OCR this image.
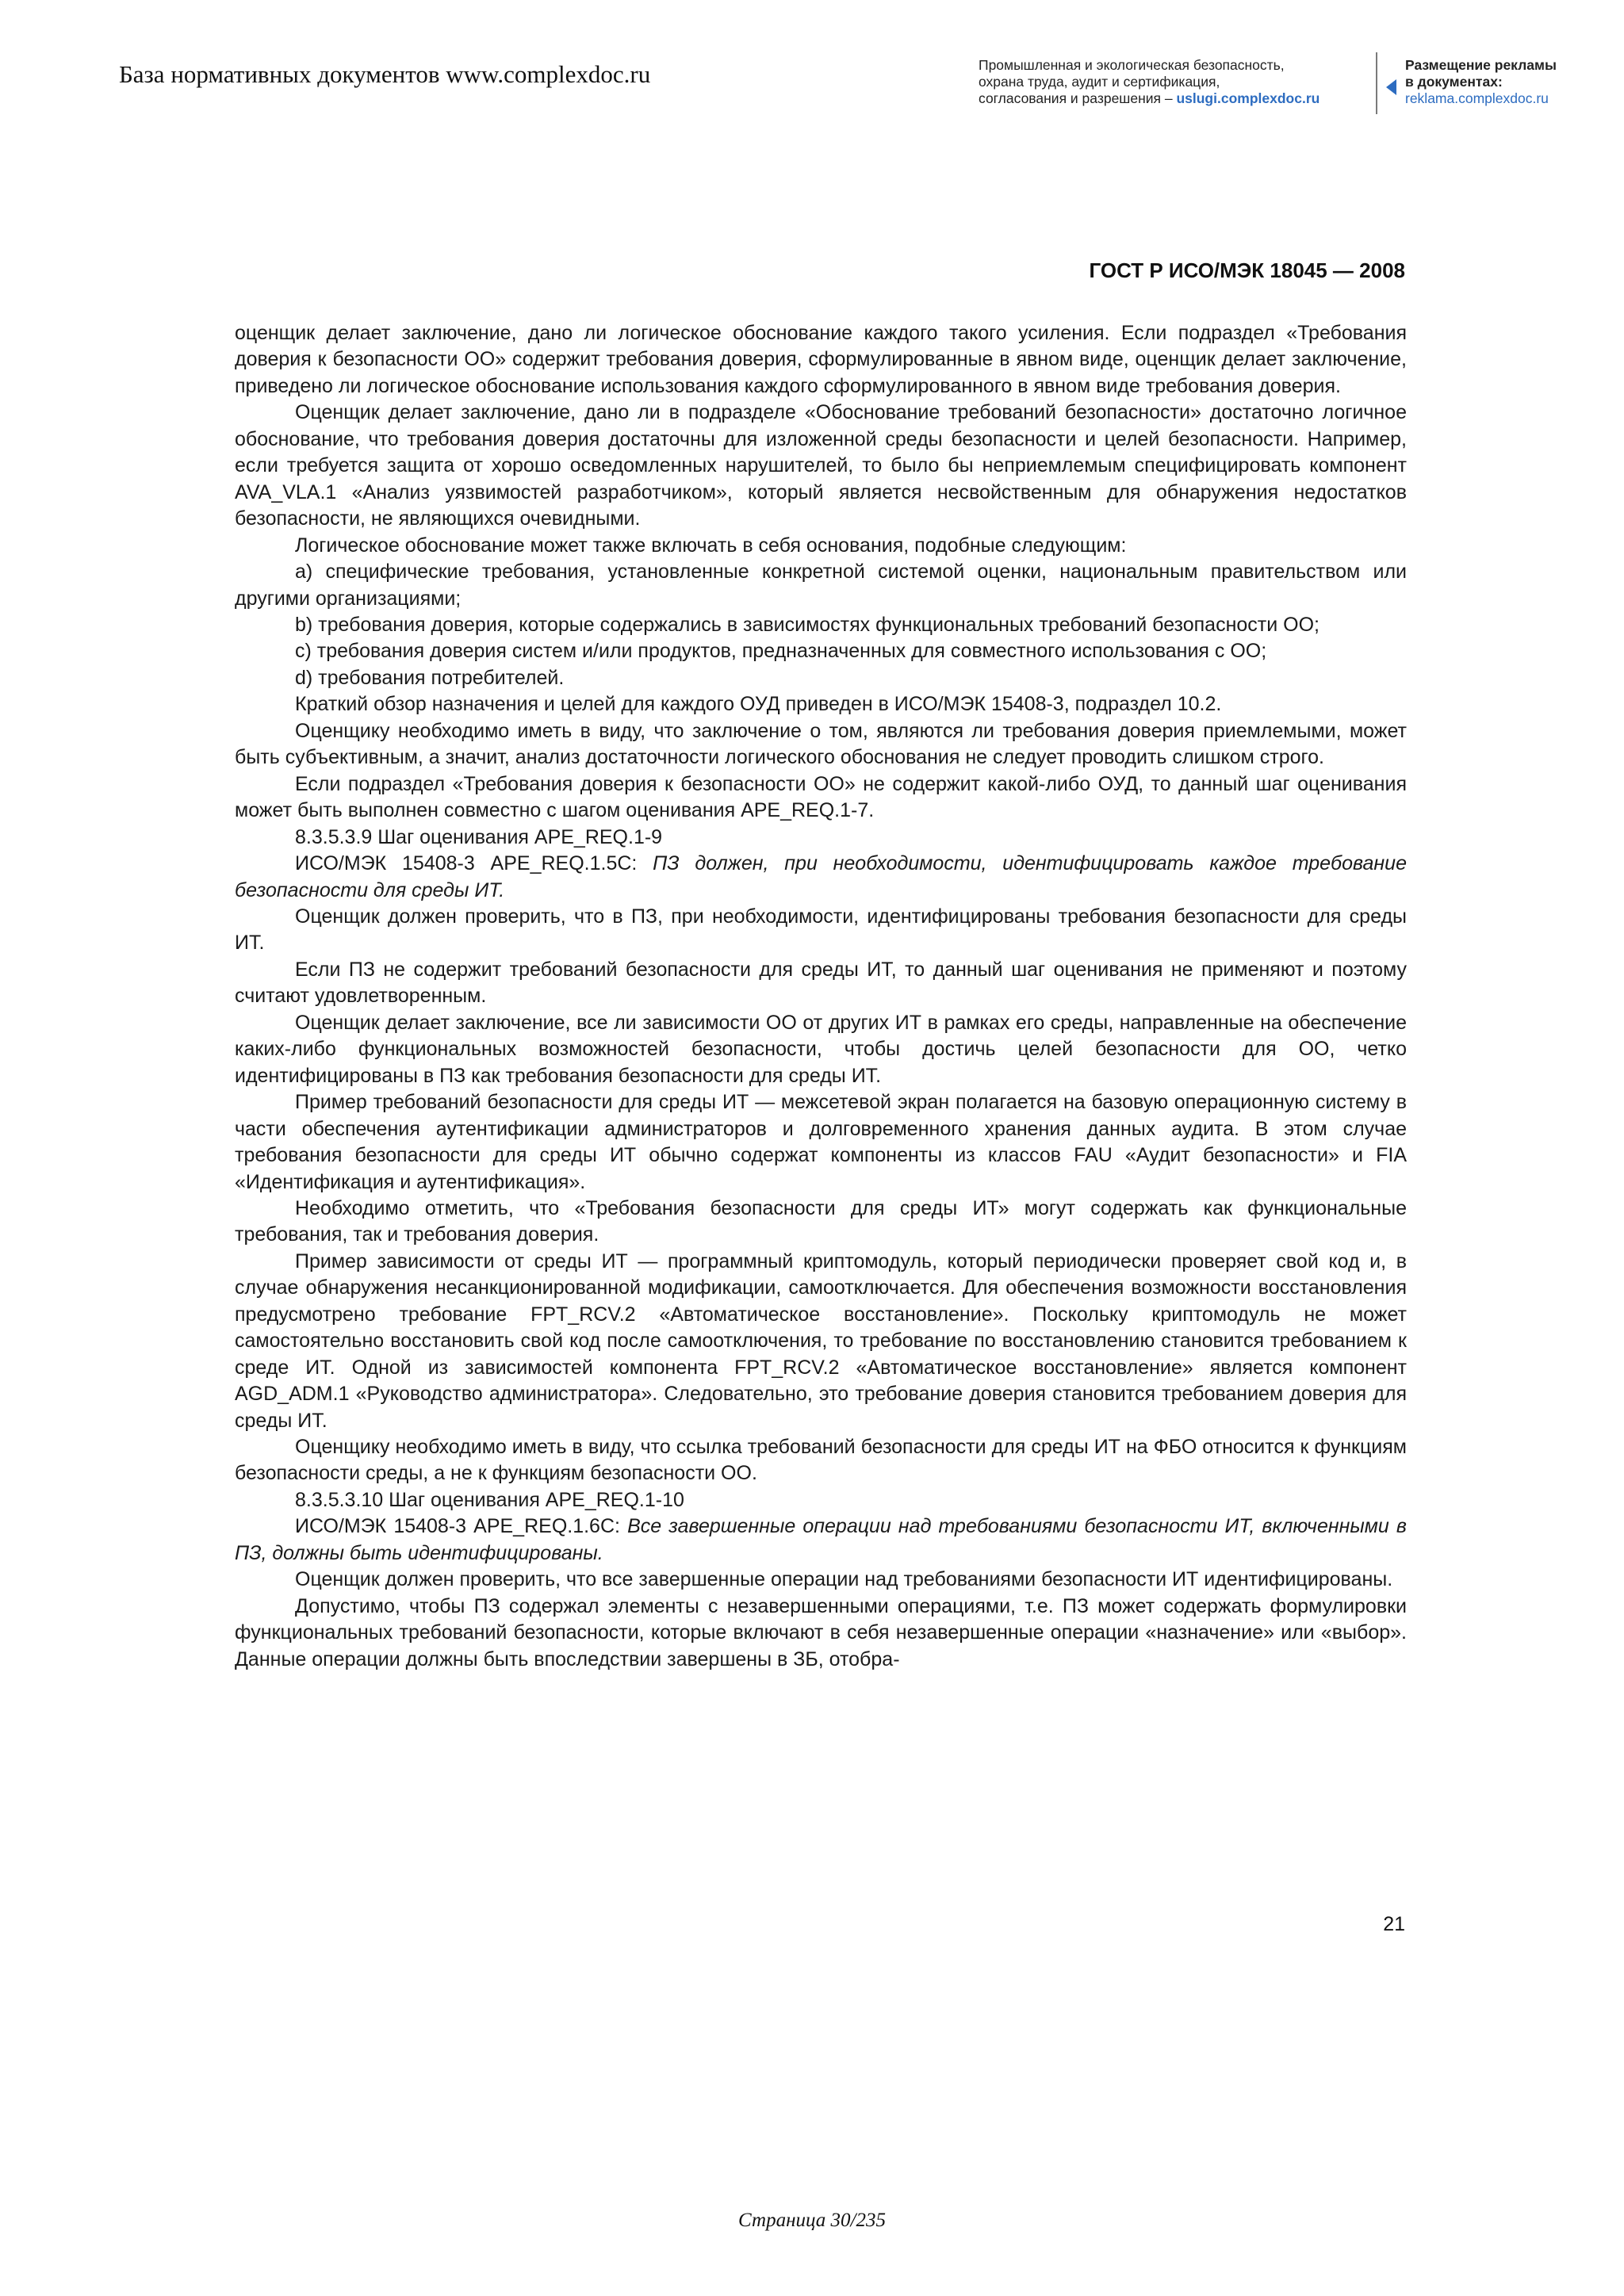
База нормативных документов www.complexdoc.ru	Промышленная и экологическая безопасность,
охрана труда, аудит и сертификация,
согласования и разрешения – uslugi.complexdoc.ru
Размещение рекламы
в документах:
reklama.complexdoc.ru
ГОСТ Р ИСО/МЭК 18045 — 2008

оценщик делает заключение, дано ли логическое обоснование каждого такого усиления. Если подраздел «Требования доверия к безопасности ОО» содержит требования доверия, сформулированные в явном виде, оценщик делает заключение, приведено ли логическое обоснование использования каждого сформулированного в явном виде требования доверия.

Оценщик делает заключение, дано ли в подразделе «Обоснование требований безопасности» достаточно логичное обоснование, что требования доверия достаточны для изложенной среды безопасности и целей безопасности. Например, если требуется защита от хорошо осведомленных нарушителей, то было бы неприемлемым специфицировать компонент AVA_VLA.1 «Анализ уязвимостей разработчиком», который является несвойственным для обнаружения недостатков безопасности, не являющихся очевидными.

Логическое обоснование может также включать в себя основания, подобные следующим:

a) специфические требования, установленные конкретной системой оценки, национальным правительством или другими организациями;

b) требования доверия, которые содержались в зависимостях функциональных требований безопасности ОО;

c) требования доверия систем и/или продуктов, предназначенных для совместного использования с ОО;

d) требования потребителей.

Краткий обзор назначения и целей для каждого ОУД приведен в ИСО/МЭК 15408-3, подраздел 10.2.

Оценщику необходимо иметь в виду, что заключение о том, являются ли требования доверия приемлемыми, может быть субъективным, а значит, анализ достаточности логического обоснования не следует проводить слишком строго.

Если подраздел «Требования доверия к безопасности ОО» не содержит какой-либо ОУД, то данный шаг оценивания может быть выполнен совместно с шагом оценивания APE_REQ.1-7.

8.3.5.3.9 Шаг оценивания APE_REQ.1-9

ИСО/МЭК 15408-3 APE_REQ.1.5С: ПЗ должен, при необходимости, идентифицировать каждое требование безопасности для среды ИТ.

Оценщик должен проверить, что в ПЗ, при необходимости, идентифицированы требования безопасности для среды ИТ.

Если ПЗ не содержит требований безопасности для среды ИТ, то данный шаг оценивания не применяют и поэтому считают удовлетворенным.

Оценщик делает заключение, все ли зависимости ОО от других ИТ в рамках его среды, направленные на обеспечение каких-либо функциональных возможностей безопасности, чтобы достичь целей безопасности для ОО, четко идентифицированы в ПЗ как требования безопасности для среды ИТ.

Пример требований безопасности для среды ИТ — межсетевой экран полагается на базовую операционную систему в части обеспечения аутентификации администраторов и долговременного хранения данных аудита. В этом случае требования безопасности для среды ИТ обычно содержат компоненты из классов FAU «Аудит безопасности» и FIA «Идентификация и аутентификация».

Необходимо отметить, что «Требования безопасности для среды ИТ» могут содержать как функциональные требования, так и требования доверия.

Пример зависимости от среды ИТ — программный криптомодуль, который периодически проверяет свой код и, в случае обнаружения несанкционированной модификации, самоотключается. Для обеспечения возможности восстановления предусмотрено требование FPT_RCV.2 «Автоматическое восстановление». Поскольку криптомодуль не может самостоятельно восстановить свой код после самоотключения, то требование по восстановлению становится требованием к среде ИТ. Одной из зависимостей компонента FPT_RCV.2 «Автоматическое восстановление» является компонент AGD_ADM.1 «Руководство администратора». Следовательно, это требование доверия становится требованием доверия для среды ИТ.

Оценщику необходимо иметь в виду, что ссылка требований безопасности для среды ИТ на ФБО относится к функциям безопасности среды, а не к функциям безопасности ОО.

8.3.5.3.10 Шаг оценивания APE_REQ.1-10

ИСО/МЭК 15408-3 APE_REQ.1.6С: Все завершенные операции над требованиями безопасности ИТ, включенными в ПЗ, должны быть идентифицированы.

Оценщик должен проверить, что все завершенные операции над требованиями безопасности ИТ идентифицированы.

Допустимо, чтобы ПЗ содержал элементы с незавершенными операциями, т.е. ПЗ может содержать формулировки функциональных требований безопасности, которые включают в себя незавершенные операции «назначение» или «выбор». Данные операции должны быть впоследствии завершены в ЗБ, отобра-

21
Страница 30/235
